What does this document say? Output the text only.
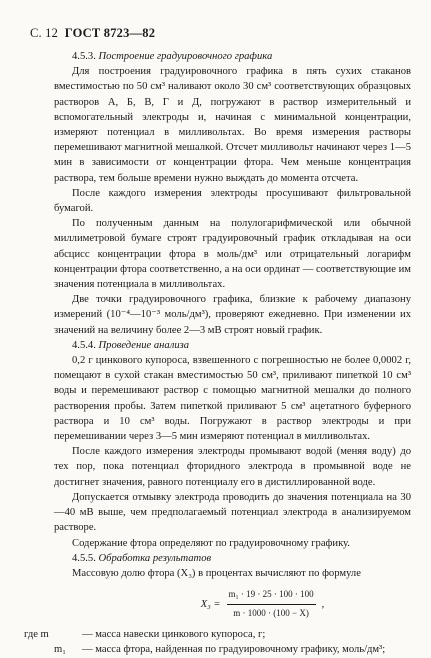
С. 12 ГОСТ 8723—82

4.5.3. Построение градуировочного графика

Для построения градуировочного графика в пять сухих стаканов вместимостью по 50 см³ наливают около 30 см³ соответствующих образцовых растворов А, Б, В, Г и Д, погружают в раствор измерительный и вспомогательный электроды и, начиная с минимальной концентрации, измеряют потенциал в милливольтах. Во время измерения растворы перемешивают магнитной мешалкой. Отсчет милливольт начинают через 1—5 мин в зависимости от концентрации фтора. Чем меньше концентрация раствора, тем больше времени нужно выждать до момента отсчета.

После каждого измерения электроды просушивают фильтровальной бумагой.

По полученным данным на полулогарифмической или обычной миллиметровой бумаге строят градуировочный график откладывая на оси абсцисс концентрации фтора в моль/дм³ или отрицательный логарифм концентрации фтора соответственно, а на оси ординат — соответствующие им значения потенциала в милливольтах.

Две точки градуировочного графика, близкие к рабочему диапазону измерений (10⁻⁴—10⁻³ моль/дм³), проверяют ежедневно. При изменении их значений на величину более 2—3 мВ строят новый график.

4.5.4. Проведение анализа

0,2 г цинкового купороса, взвешенного с погрешностью не более 0,0002 г, помещают в сухой стакан вместимостью 50 см³, приливают пипеткой 10 см³ воды и перемешивают раствор с помощью магнитной мешалки до полного растворения пробы. Затем пипеткой приливают 5 см³ ацетатного буферного раствора и 10 см³ воды. Погружают в раствор электроды и при перемешивании через 3—5 мин измеряют потенциал в милливольтах.

После каждого измерения электроды промывают водой (меняя воду) до тех пор, пока потенциал фторидного электрода в промывной воде не достигнет значения, равного потенциалу его в дистиллированной воде.

Допускается отмывку электрода проводить до значения потенциала на 30—40 мВ выше, чем предполагаемый потенциал электрода в анализируемом растворе.

Содержание фтора определяют по градуировочному графику.

4.5.5. Обработка результатов

Массовую долю фтора (X₃) в процентах вычисляют по формуле

$X_3 = \frac{\text{m₁ · 19 · 25 · 100 · 100}}{m \cdot 1000 \cdot (100 - X)}$ ,
где m	— масса навески цинкового купороса, г;
m₁	— масса фтора, найденная по градуировочному графику, моль/дм³;
